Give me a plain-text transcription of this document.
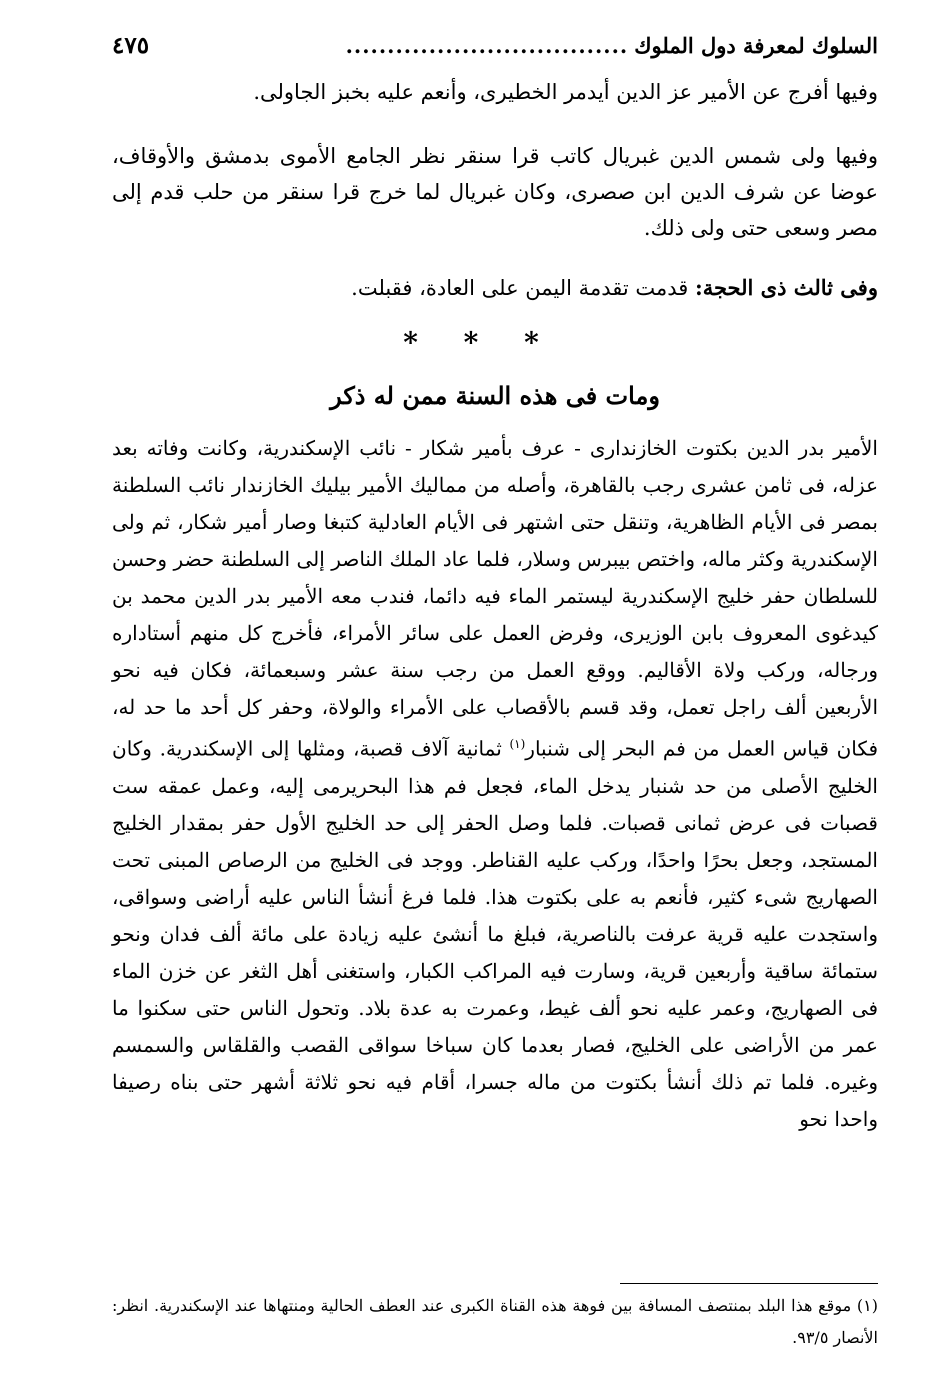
السلوك لمعرفة دول الملوك
..................................
٤٧٥
وفيها أفرج عن الأمير عز الدين أيدمر الخطيرى، وأنعم عليه بخبز الجاولى.
وفيها ولى شمس الدين غبريال كاتب قرا سنقر نظر الجامع الأموى بدمشق والأوقاف، عوضا عن شرف الدين ابن صصرى، وكان غبريال لما خرج قرا سنقر من حلب قدم إلى مصر وسعى حتى ولى ذلك.
وفى ثالث ذى الحجة: قدمت تقدمة اليمن على العادة، فقبلت.
* * *
ومات فى هذه السنة ممن له ذكر
الأمير بدر الدين بكتوت الخازندارى - عرف بأمير شكار - نائب الإسكندرية، وكانت وفاته بعد عزله، فى ثامن عشرى رجب بالقاهرة، وأصله من مماليك الأمير بيليك الخازندار نائب السلطنة بمصر فى الأيام الظاهرية، وتنقل حتى اشتهر فى الأيام العادلية كتبغا وصار أمير شكار، ثم ولى الإسكندرية وكثر ماله، واختص بيبرس وسلار، فلما عاد الملك الناصر إلى السلطنة حضر وحسن للسلطان حفر خليج الإسكندرية ليستمر الماء فيه دائما، فندب معه الأمير بدر الدين محمد بن كيدغوى المعروف بابن الوزيرى، وفرض العمل على سائر الأمراء، فأخرج كل منهم أستاداره ورجاله، وركب ولاة الأقاليم. ووقع العمل من رجب سنة عشر وسبعمائة، فكان فيه نحو الأربعين ألف راجل تعمل، وقد قسم بالأقصاب على الأمراء والولاة، وحفر كل أحد ما حد له، فكان قياس العمل من فم البحر إلى شنبار$^{(١)}$ ثمانية آلاف قصبة، ومثلها إلى الإسكندرية. وكان الخليج الأصلى من حد شنبار يدخل الماء، فجعل فم هذا البحريرمى إليه، وعمل عمقه ست قصبات فى عرض ثمانى قصبات. فلما وصل الحفر إلى حد الخليج الأول حفر بمقدار الخليج المستجد، وجعل بحرًا واحدًا، وركب عليه القناطر. ووجد فى الخليج من الرصاص المبنى تحت الصهاريج شىء كثير، فأنعم به على بكتوت هذا. فلما فرغ أنشأ الناس عليه أراضى وسواقى، واستجدت عليه قرية عرفت بالناصرية، فبلغ ما أنشئ عليه زيادة على مائة ألف فدان ونحو ستمائة ساقية وأربعين قرية، وسارت فيه المراكب الكبار، واستغنى أهل الثغر عن خزن الماء فى الصهاريج، وعمر عليه نحو ألف غيط، وعمرت به عدة بلاد. وتحول الناس حتى سكنوا ما عمر من الأراضى على الخليج، فصار بعدما كان سباخا سواقى القصب والقلقاس والسمسم وغيره. فلما تم ذلك أنشأ بكتوت من ماله جسرا، أقام فيه نحو ثلاثة أشهر حتى بناه رصيفا واحدا نحو
(١) موقع هذا البلد بمنتصف المسافة بين فوهة هذه القناة الكبرى عند العطف الحالية ومنتهاها عند الإسكندرية. انظر: الأنصار ٩٣/٥.
